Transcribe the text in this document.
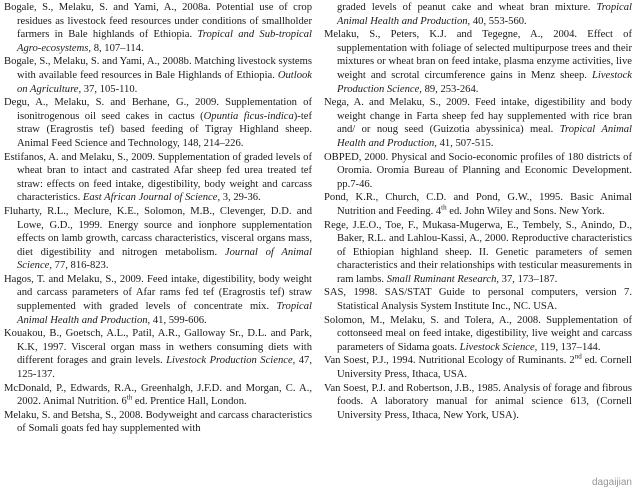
Bogale, S., Melaku, S. and Yami, A., 2008a. Potential use of crop residues as livestock feed resources under conditions of smallholder farmers in Bale highlands of Ethiopia. Tropical and Sub-tropical Agro-ecosystems, 8, 107–114.

Bogale, S., Melaku, S. and Yami, A., 2008b. Matching livestock systems with available feed resources in Bale Highlands of Ethiopia. Outlook on Agriculture, 37, 105-110.

Degu, A., Melaku, S. and Berhane, G., 2009. Supplementation of isonitrogenous oil seed cakes in cactus (Opuntia ficus-indica)-tef straw (Eragrostis tef) based feeding of Tigray Highland sheep. Animal Feed Science and Technology, 148, 214–226.

Estifanos, A. and Melaku, S., 2009. Supplementation of graded levels of wheat bran to intact and castrated Afar sheep fed urea treated tef straw: effects on feed intake, digestibility, body weight and carcass characteristics. East African Journal of Science, 3, 29-36.

Fluharty, R.L., Meclure, K.E., Solomon, M.B., Clevenger, D.D. and Lowe, G.D., 1999. Energy source and ionphore supplementation effects on lamb growth, carcass characteristics, visceral organs mass, diet digestibility and nitrogen metabolism. Journal of Animal Science, 77, 816-823.

Hagos, T. and Melaku, S., 2009. Feed intake, digestibility, body weight and carcass parameters of Afar rams fed tef (Eragrostis tef) straw supplemented with graded levels of concentrate mix. Tropical Animal Health and Production, 41, 599-606.

Kouakou, B., Goetsch, A.L., Patil, A.R., Galloway Sr., D.L. and Park, K.K, 1997. Visceral organ mass in wethers consuming diets with different forages and grain levels. Livestock Production Science, 47, 125-137.

McDonald, P., Edwards, R.A., Greenhalgh, J.F.D. and Morgan, C. A., 2002. Animal Nutrition. 6th ed. Prentice Hall, London.

Melaku, S. and Betsha, S., 2008. Bodyweight and carcass characteristics of Somali goats fed hay supplemented with

graded levels of peanut cake and wheat bran mixture. Tropical Animal Health and Production, 40, 553-560.

Melaku, S., Peters, K.J. and Tegegne, A., 2004. Effect of supplementation with foliage of selected multipurpose trees and their mixtures or wheat bran on feed intake, plasma enzyme activities, live weight and scrotal circumference gains in Menz sheep. Livestock Production Science, 89, 253-264.

Nega, A. and Melaku, S., 2009. Feed intake, digestibility and body weight change in Farta sheep fed hay supplemented with rice bran and/ or noug seed (Guizotia abyssinica) meal. Tropical Animal Health and Production, 41, 507-515.

OBPED, 2000. Physical and Socio-economic profiles of 180 districts of Oromia. Oromia Bureau of Planning and Economic Development. pp.7-46.

Pond, K.R., Church, C.D. and Pond, G.W., 1995. Basic Animal Nutrition and Feeding. 4th ed. John Wiley and Sons. New York.

Rege, J.E.O., Toe, F., Mukasa-Mugerwa, E., Tembely, S., Anindo, D., Baker, R.L. and Lahlou-Kassi, A., 2000. Reproductive characteristics of Ethiopian highland sheep. II. Genetic parameters of semen characteristics and their relationships with testicular measurements in ram lambs. Small Ruminant Research, 37, 173–187.

SAS, 1998. SAS/STAT Guide to personal computers, version 7. Statistical Analysis System Institute Inc., NC. USA.

Solomon, M., Melaku, S. and Tolera, A., 2008. Supplementation of cottonseed meal on feed intake, digestibility, live weight and carcass parameters of Sidama goats. Livestock Science, 119, 137–144.

Van Soest, P.J., 1994. Nutritional Ecology of Ruminants. 2nd ed. Cornell University Press, Ithaca, USA.

Van Soest, P.J. and Robertson, J.B., 1985. Analysis of forage and fibrous foods. A laboratory manual for animal science 613, (Cornell University Press, Ithaca, New York, USA).

dagaijian
